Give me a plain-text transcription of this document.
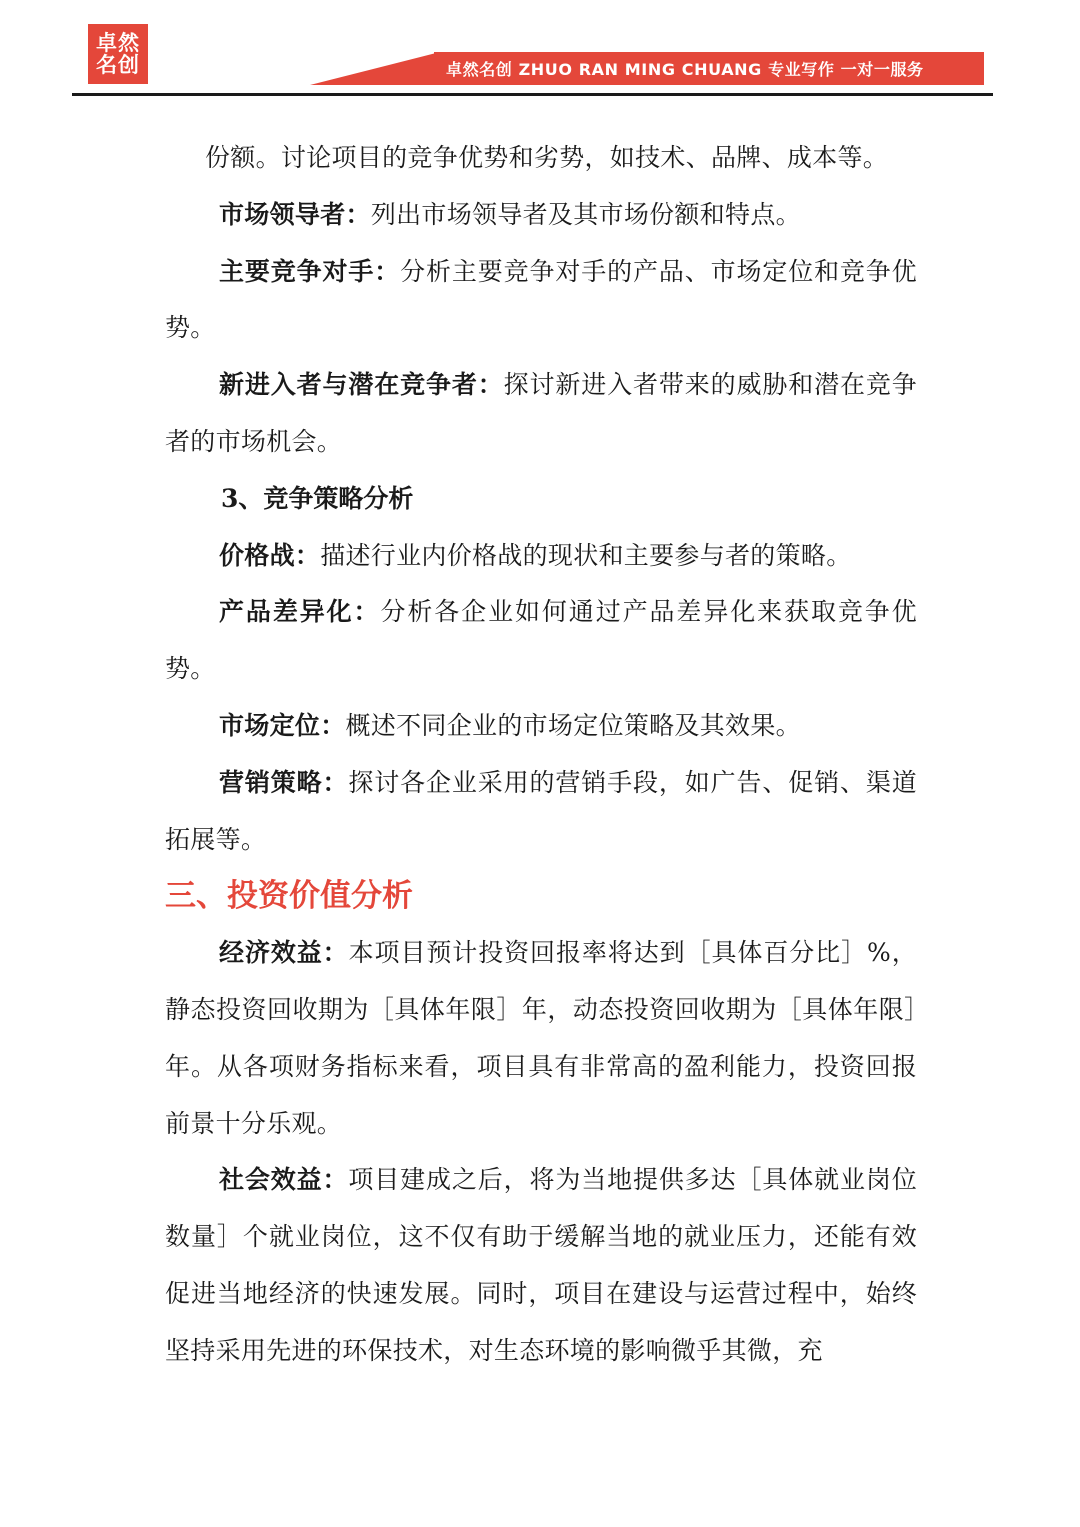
卓然
名创	卓然名创 ZHUO RAN MING CHUANG 专业写作 一对一服务

份额。讨论项目的竞争优势和劣势，如技术、品牌、成本等。

市场领导者：列出市场领导者及其市场份额和特点。

主要竞争对手：分析主要竞争对手的产品、市场定位和竞争优势。

新进入者与潜在竞争者：探讨新进入者带来的威胁和潜在竞争者的市场机会。

3、竞争策略分析

价格战：描述行业内价格战的现状和主要参与者的策略。

产品差异化：分析各企业如何通过产品差异化来获取竞争优势。

市场定位：概述不同企业的市场定位策略及其效果。

营销策略：探讨各企业采用的营销手段，如广告、促销、渠道拓展等。

三、投资价值分析

经济效益：本项目预计投资回报率将达到［具体百分比］%，静态投资回收期为［具体年限］年，动态投资回收期为［具体年限］年。从各项财务指标来看，项目具有非常高的盈利能力，投资回报前景十分乐观。

社会效益：项目建成之后，将为当地提供多达［具体就业岗位数量］个就业岗位，这不仅有助于缓解当地的就业压力，还能有效促进当地经济的快速发展。同时，项目在建设与运营过程中，始终坚持采用先进的环保技术，对生态环境的影响微乎其微，充
